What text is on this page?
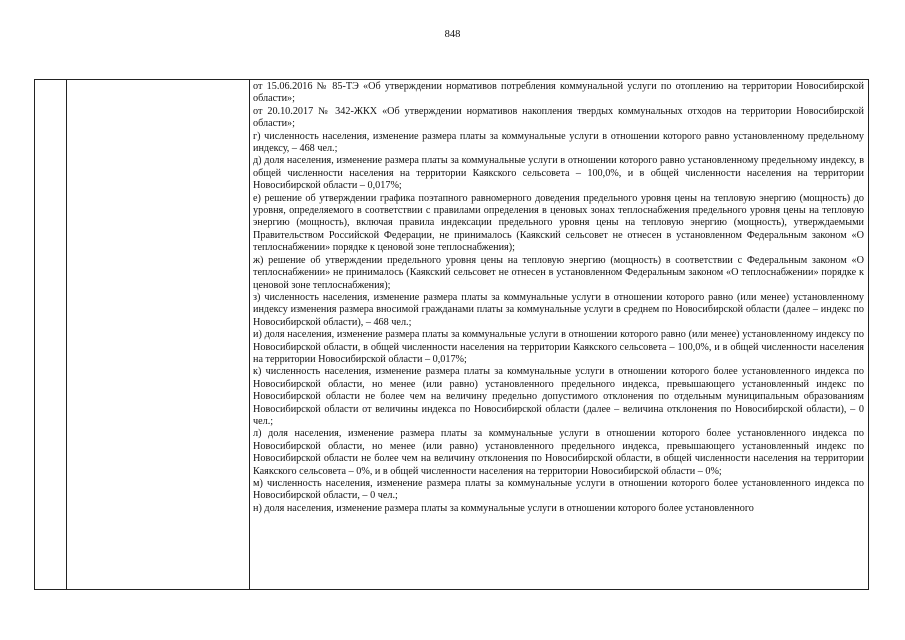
848

от 15.06.2016 № 85-ТЭ «Об утверждении нормативов потребления коммунальной услуги по отоплению на территории Новосибирской области»;

от 20.10.2017 № 342-ЖКХ «Об утверждении нормативов накопления твердых коммунальных отходов на территории Новосибирской области»;

г) численность населения, изменение размера платы за коммунальные услуги в отношении которого равно установленному предельному индексу, – 468 чел.;

д) доля населения, изменение размера платы за коммунальные услуги в отношении которого равно установленному предельному индексу, в общей численности населения на территории Каякского сельсовета – 100,0%, и в общей численности населения на территории Новосибирской области – 0,017%;

е) решение об утверждении графика поэтапного равномерного доведения предельного уровня цены на тепловую энергию (мощность) до уровня, определяемого в соответствии с правилами определения в ценовых зонах теплоснабжения предельного уровня цены на тепловую энергию (мощность), включая правила индексации предельного уровня цены на тепловую энергию (мощность), утверждаемыми Правительством Российской Федерации, не принималось (Каякский сельсовет не отнесен в установленном Федеральным законом «О теплоснабжении» порядке к ценовой зоне теплоснабжения);

ж) решение об утверждении предельного уровня цены на тепловую энергию (мощность) в соответствии с Федеральным законом «О теплоснабжении» не принималось (Каякский сельсовет не отнесен в установленном Федеральным законом «О теплоснабжении» порядке к ценовой зоне теплоснабжения);

з) численность населения, изменение размера платы за коммунальные услуги в отношении которого равно (или менее) установленному индексу изменения размера вносимой гражданами платы за коммунальные услуги в среднем по Новосибирской области (далее – индекс по Новосибирской области), – 468 чел.;

и) доля населения, изменение размера платы за коммунальные услуги в отношении которого равно (или менее) установленному индексу по Новосибирской области, в общей численности населения на территории Каякского сельсовета – 100,0%, и в общей численности населения на территории Новосибирской области – 0,017%;

к) численность населения, изменение размера платы за коммунальные услуги в отношении которого более установленного индекса по Новосибирской области, но менее (или равно) установленного предельного индекса, превышающего установленный индекс по Новосибирской области не более чем на величину предельно допустимого отклонения по отдельным муниципальным образованиям Новосибирской области от величины индекса по Новосибирской области (далее – величина отклонения по Новосибирской области), – 0 чел.;

л) доля населения, изменение размера платы за коммунальные услуги в отношении которого более установленного индекса по Новосибирской области, но менее (или равно) установленного предельного индекса, превышающего установленный индекс по Новосибирской области не более чем на величину отклонения по Новосибирской области, в общей численности населения на территории Каякского сельсовета – 0%, и в общей численности населения на территории Новосибирской области – 0%;

м) численность населения, изменение размера платы за коммунальные услуги в отношении которого более установленного индекса по Новосибирской области, – 0 чел.;

н) доля населения, изменение размера платы за коммунальные услуги в отношении которого более установленного
